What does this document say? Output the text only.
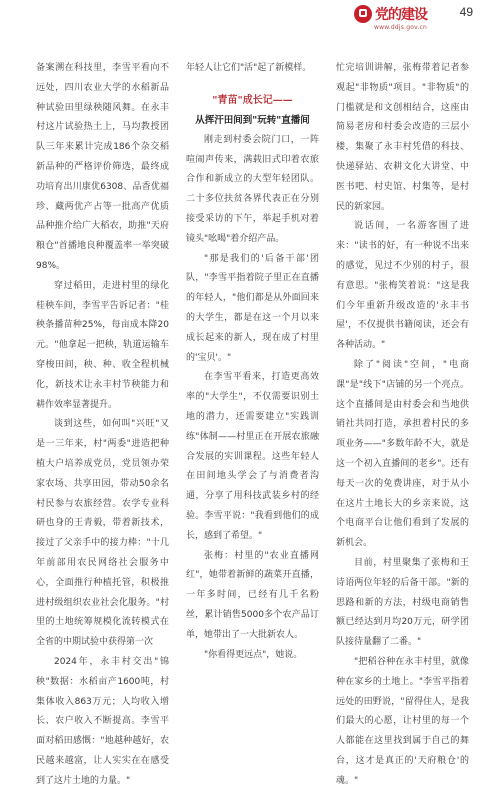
党的建设
www.ddjs.gov.cn
49

备案溯在科技里，李雪平看向不远处，四川农业大学的水稻新品种试验田里绿秧随风舞。在永丰村这片试验热土上，马均教授团队三年来累计完成186个杂交稻新品种的严格评价筛选，最终成功培育出川康优6308、品香优福珍、藏两优产占等一批高产优质品种推介给广大稻农，助推"天府粮仓"首播地良种覆盖率一举突破98%。

穿过稻田，走进村里的绿化桂秧车间，李雪平告诉记者："桂秧条播苗种25%，每亩成本降20元。"他拿起一把秧，轨道运输车穿梭田间，秧、种、收全程机械化，新技术让永丰村节秧能力和耕作效率显著提升。

谈到这些，如何叫"兴旺"又是一三年来，村"两委"进造把种植大户培养成党员，党员领办荣家农场、共享田园，带动50余名村民参与农旅经营。农学专业科研也身的王青毅，带着新技术，接过了父亲手中的接力棒："十几年前部用农民网络社会服务中心，全面推行种植托管，积极推进村级组织农业社会化服务。"村里的土地统筹规模化流转模式在全省的中期试验中获得第一次

2024年，永丰村交出"锦秧"数据：水稻亩产1600吨，村集体收入863万元；人均收入增长、农户收入不断提高。李雪平面对稻田感慨："地越种越好，农民越来越富，让人实实在在感受到了这片土地的力量。"

年轻人让它们"活"起了新模样。

"青苗"成长记——
从挥汗田间到"玩转"直播间

刚走到村委会院门口，一阵喧闹声传来，满载旧式印着农旅合作和新成立的大型年轻团队。二十多位扶贫各界代表正在分别接受采访的下午，举起手机对着镜头"吆喝"着介绍产品。

"那是我们的'后备干部'团队，"李雪平指着院子里正在直播的年轻人，"他们都是从外面回来的大学生，都是在这一个月以来成长起来的新人，现在成了村里的'宝贝'。"

在李雪平看来，打造更高效率的"大学生"，不仅需要识别土地的潜力，还需要建立"实践训练"体制——村里正在开展农旅融合发展的实训课程。这些年轻人在田间地头学会了与消费者沟通，分享了用科技武装乡村的经验。李雪平说："我看到他们的成长，感到了希望。"

张梅：村里的"农业直播网红"，她带着新鲜的蔬菜开直播，一年多时间，已经有几千名粉丝，累计销售5000多个农产品订单，她带出了一大批新农人。

"你看得更远点"，她说。

忙完培训讲解，张梅带着记者参观起"非物质"项目。"非物质"的门槛就是和文创相结合，这座由简易老房和村委会改造的三层小楼，集聚了永丰村凭借的科技、快递驿站、农耕文化大讲堂、中医书吧、村史馆、村集等，是村民的新家园。

说话间，一名游客围了进来："读书的好，有一种说不出来的感觉，见过不少别的村子，很有意思。"张梅笑着说："这是我们今年重新升级改造的'永丰书屋'，不仅提供书籍阅读，还会有各种活动。"

除了"阅读"空间，"电商课"是"线下"店铺的另一个亮点。这个直播间是由村委会和当地供销社共同打造，承担着村民的多项业务——"多数年龄不大，就是这一个初入直播间的老乡"。还有每天一次的免费讲座，对于从小在这片土地长大的乡亲来说，这个电商平台让他们看到了发展的新机会。

目前，村里聚集了张梅和王诗语两位年轻的后备干部。"新的思路和新的方法，村级电商销售额已经达到月均20万元，研学团队接待量翻了二番。"

"把稻谷种在永丰村里，就像种在家乡的土地上。"李雪平指着远处的田野说，"留得住人，是我们最大的心愿，让村里的每一个人都能在这里找到属于自己的舞台，这才是真正的'天府粮仓'的魂。"
